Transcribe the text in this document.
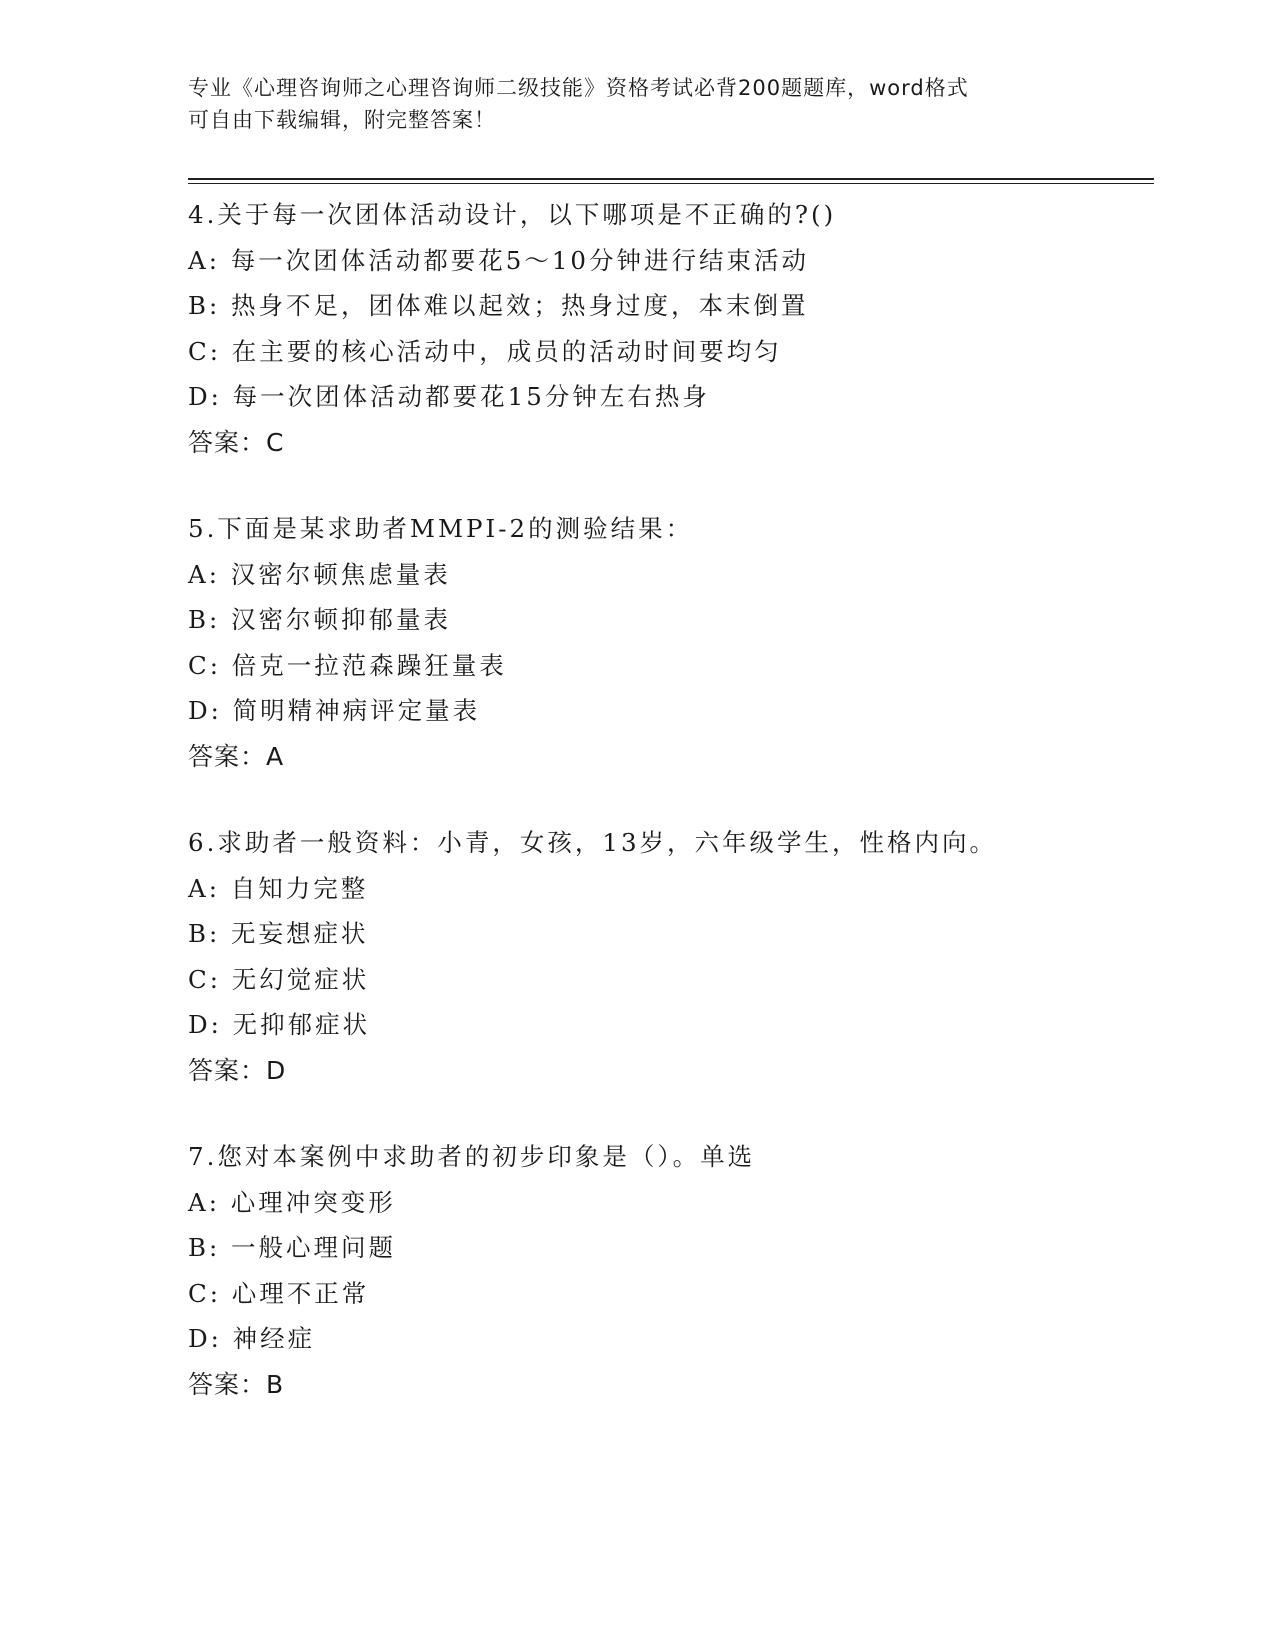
专业《心理咨询师之心理咨询师二级技能》资格考试必背200题题库，word格式
可自由下载编辑，附完整答案！
4.关于每一次团体活动设计，以下哪项是不正确的?()
A: 每一次团体活动都要花5～10分钟进行结束活动
B: 热身不足，团体难以起效；热身过度，本末倒置
C: 在主要的核心活动中，成员的活动时间要均匀
D: 每一次团体活动都要花15分钟左右热身
答案：C
5.下面是某求助者MMPI-2的测验结果：
A: 汉密尔顿焦虑量表
B: 汉密尔顿抑郁量表
C: 倍克一拉范森躁狂量表
D: 简明精神病评定量表
答案：A
6.求助者一般资料：小青，女孩，13岁，六年级学生，性格内向。
A: 自知力完整
B: 无妄想症状
C: 无幻觉症状
D: 无抑郁症状
答案：D
7.您对本案例中求助者的初步印象是（）。单选
A: 心理冲突变形
B: 一般心理问题
C: 心理不正常
D: 神经症
答案：B
